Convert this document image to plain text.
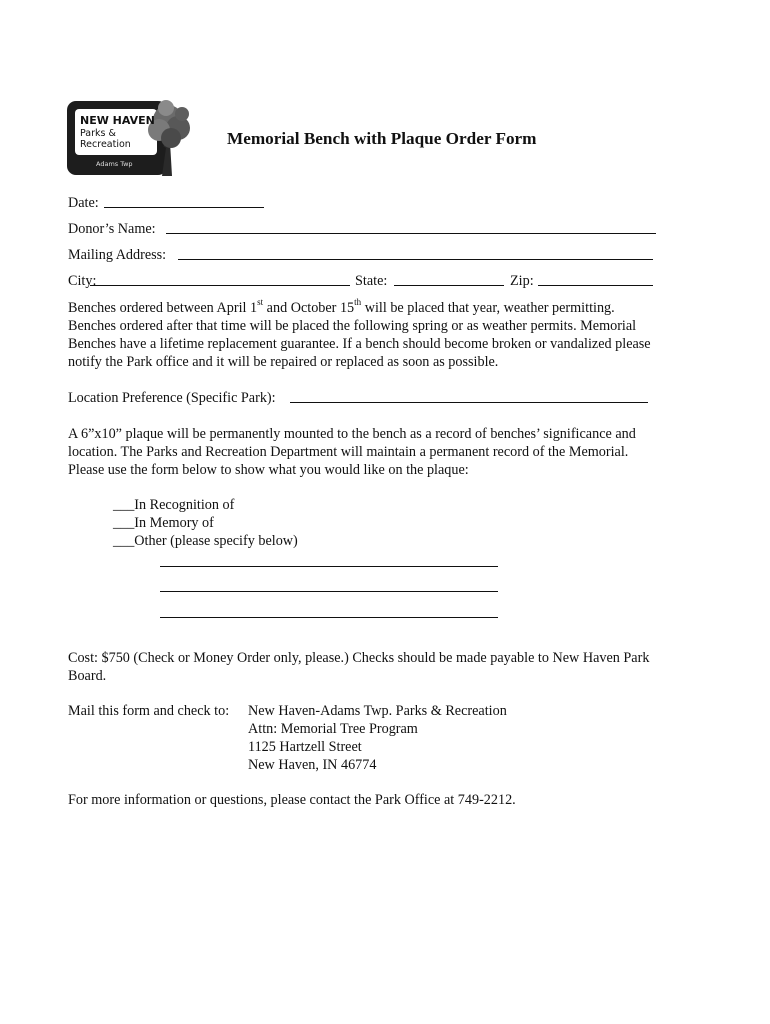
NEW HAVEN
Parks &
Recreation
Adams Twp
Memorial Bench with Plaque Order Form
Date:
Donor’s Name:
Mailing Address:
City:	State:	Zip:
Benches ordered between April 1st and October 15th will be placed that year, weather permitting.
Benches ordered after that time will be placed the following spring or as weather permits. Memorial
Benches have a lifetime replacement guarantee. If a bench should become broken or vandalized please
notify the Park office and it will be repaired or replaced as soon as possible.
Location Preference (Specific Park):
A 6”x10” plaque will be permanently mounted to the bench as a record of benches’ significance and
location. The Parks and Recreation Department will maintain a permanent record of the Memorial.
Please use the form below to show what you would like on the plaque:
___In Recognition of
___In Memory of
___Other (please specify below)
Cost: $750 (Check or Money Order only, please.) Checks should be made payable to New Haven Park
Board.
Mail this form and check to: New Haven-Adams Twp. Parks & Recreation
Attn: Memorial Tree Program
1125 Hartzell Street
New Haven, IN 46774
For more information or questions, please contact the Park Office at 749-2212.
